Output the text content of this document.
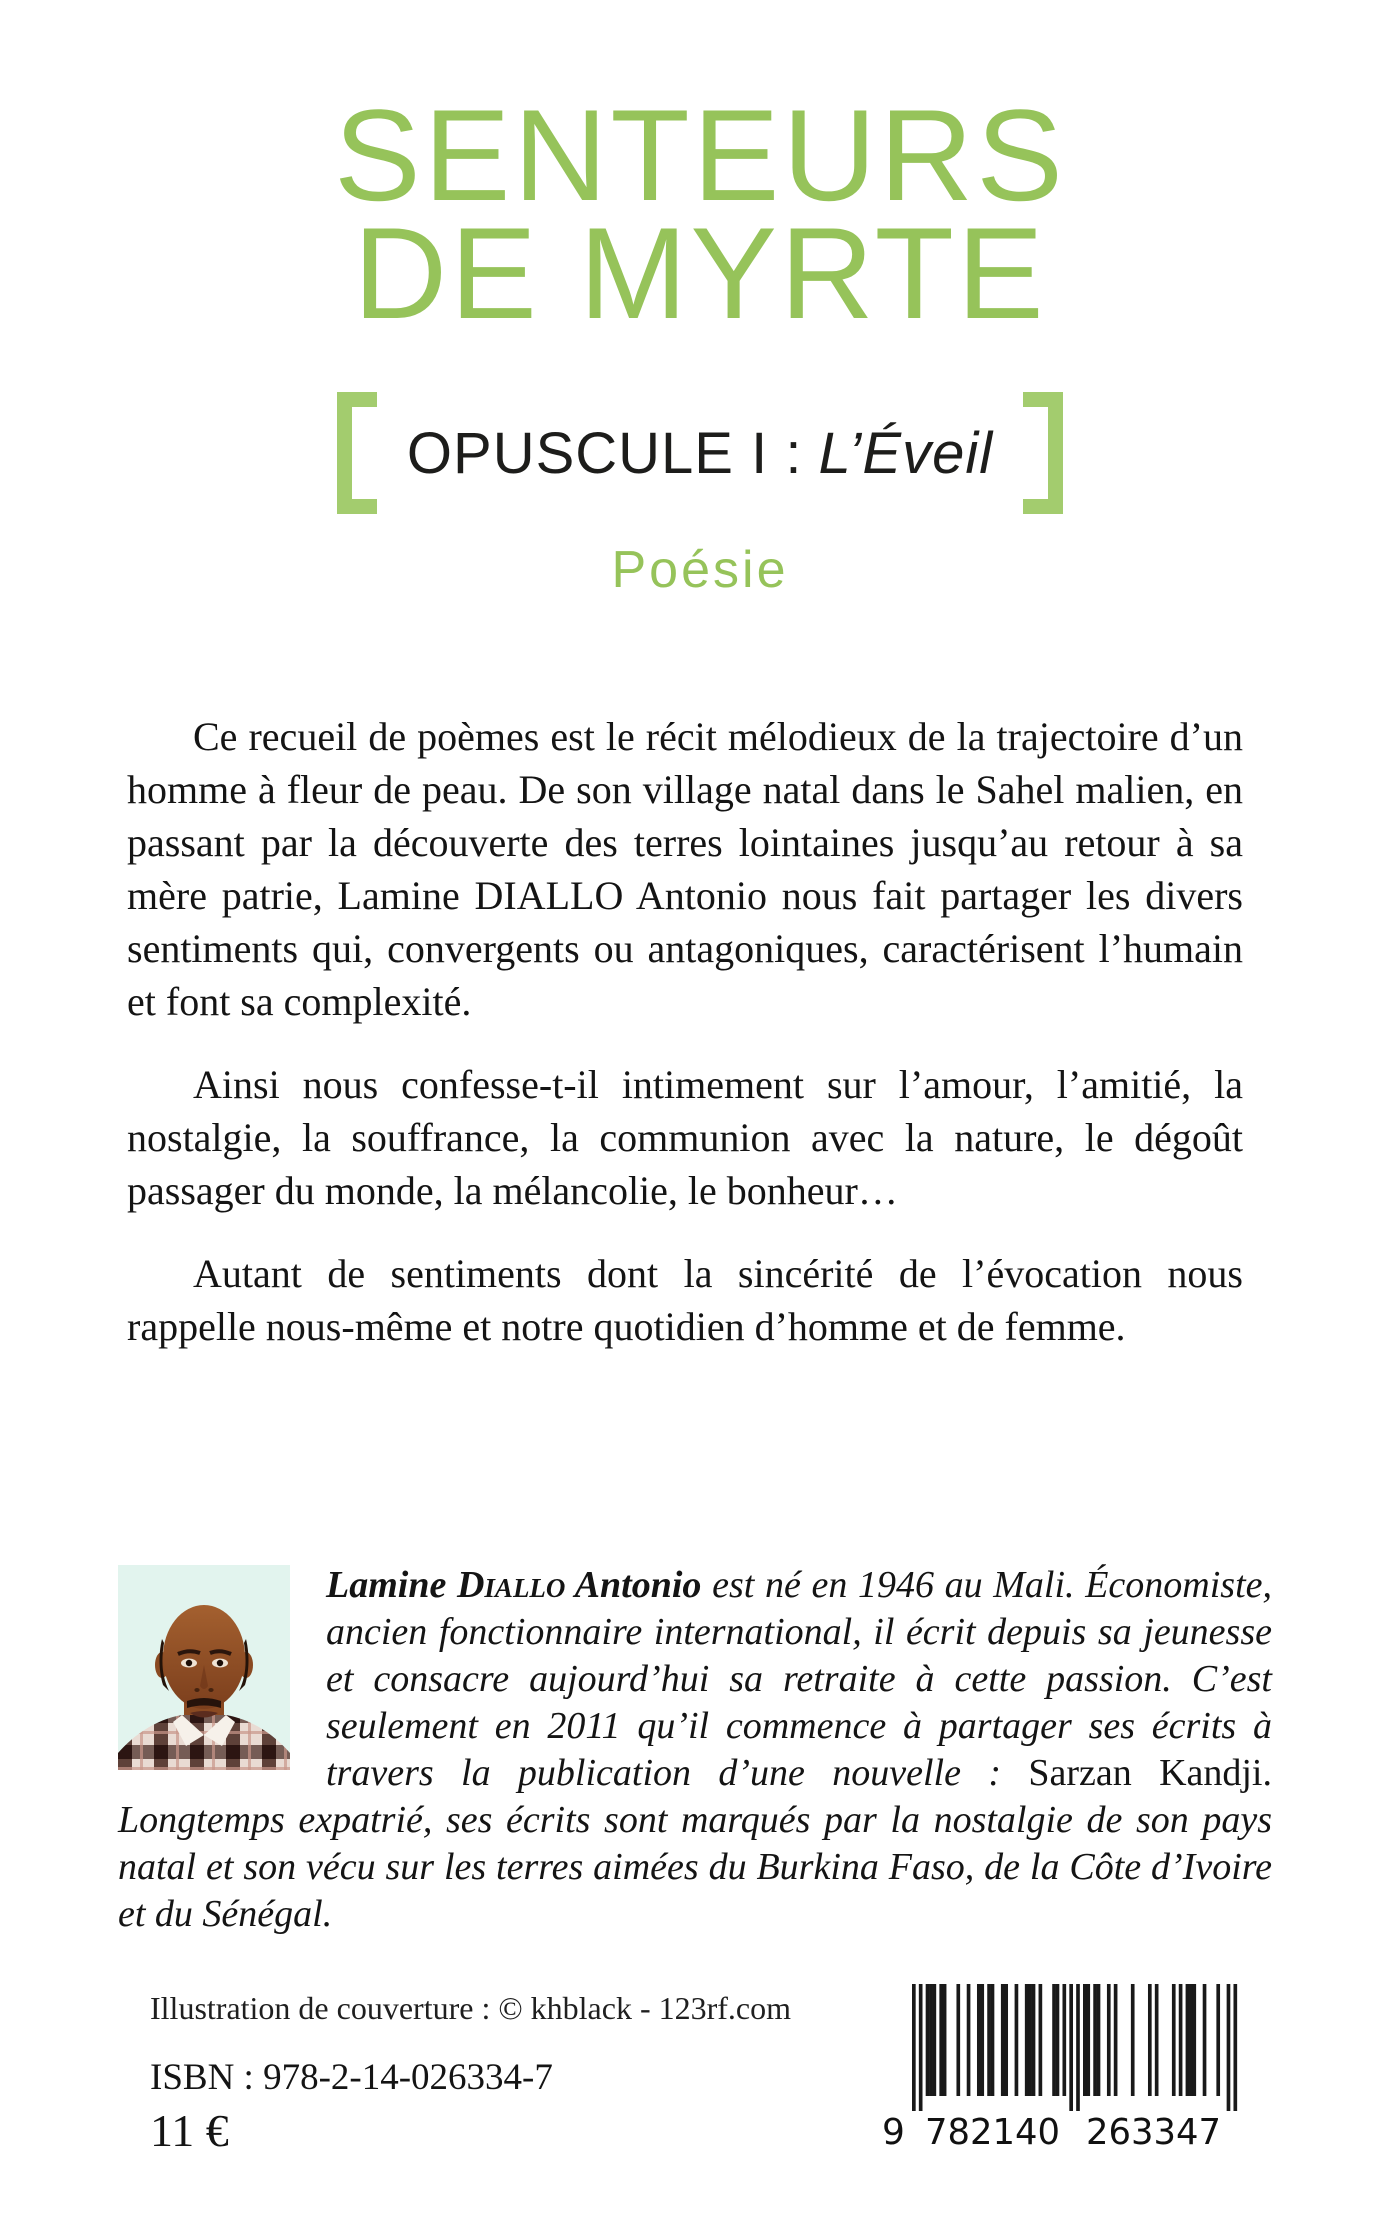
SENTEURS
DE MYRTE
OPUSCULE I : L’Éveil
Poésie

Ce recueil de poèmes est le récit mélodieux de la trajectoire d’un homme à fleur de peau. De son village natal dans le Sahel malien, en passant par la découverte des terres lointaines jusqu’au retour à sa mère patrie, Lamine DIALLO Antonio nous fait partager les divers sentiments qui, convergents ou antagoniques, caractérisent l’humain et font sa complexité.

Ainsi nous confesse-t-il intimement sur l’amour, l’amitié, la nostalgie, la souffrance, la communion avec la nature, le dégoût passager du monde, la mélancolie, le bonheur…

Autant de sentiments dont la sincérité de l’évocation nous rappelle nous-même et notre quotidien d’homme et de femme.

Lamine Diallo Antonio est né en 1946 au Mali. Économiste, ancien fonctionnaire international, il écrit depuis sa jeunesse et consacre aujourd’hui sa retraite à cette passion. C’est seulement en 2011 qu’il commence à partager ses écrits à travers la publication d’une nouvelle : Sarzan Kandji. Longtemps expatrié, ses écrits sont marqués par la nostalgie de son pays natal et son vécu sur les terres aimées du Burkina Faso, de la Côte d’Ivoire et du Sénégal.
Illustration de couverture : © khblack - 123rf.com
ISBN : 978-2-14-026334-7
11 €	9 782140 263347
